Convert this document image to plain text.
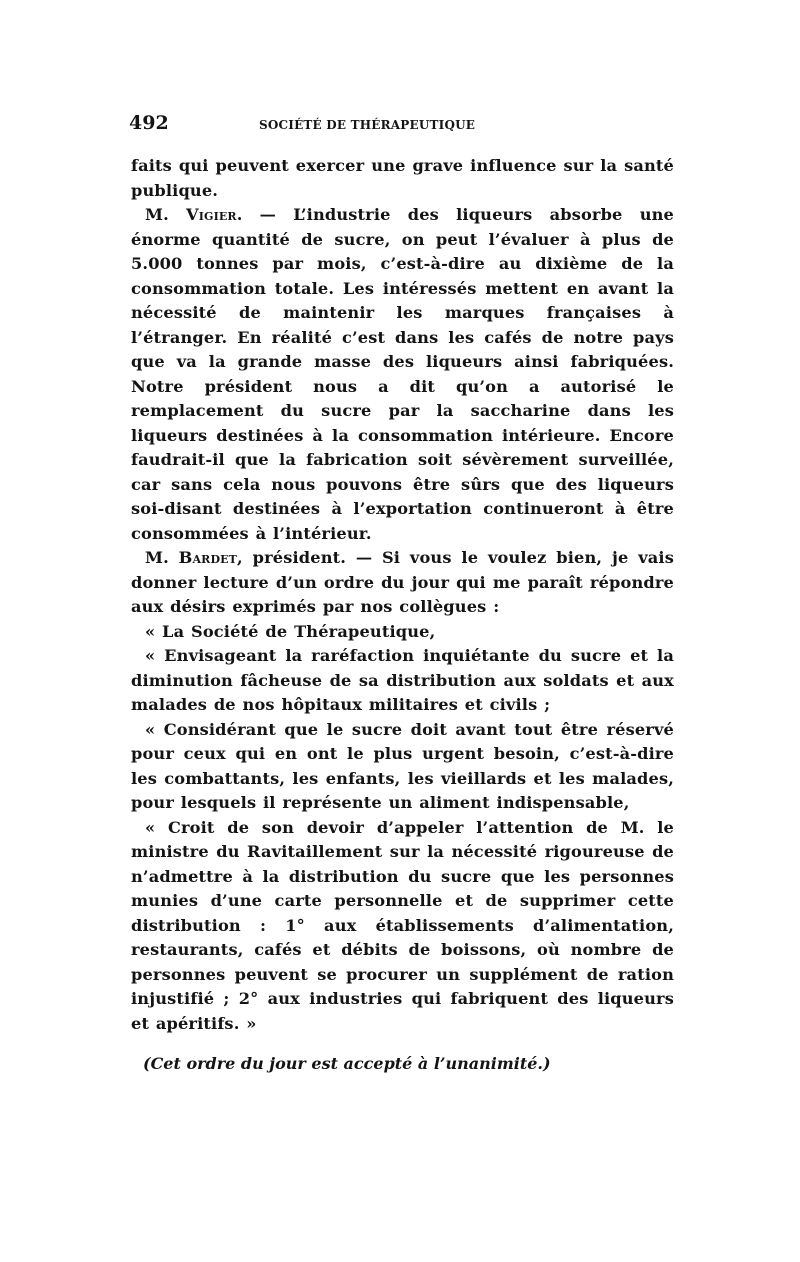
492	SOCIÉTÉ DE THÉRAPEUTIQUE

faits qui peuvent exercer une grave influence sur la santé publique.

M. Vigier. — L’industrie des liqueurs absorbe une énorme quantité de sucre, on peut l’évaluer à plus de 5.000 tonnes par mois, c’est-à-dire au dixième de la consommation totale. Les intéressés mettent en avant la nécessité de maintenir les marques françaises à l’étranger. En réalité c’est dans les cafés de notre pays que va la grande masse des liqueurs ainsi fabriquées. Notre président nous a dit qu’on a autorisé le remplacement du sucre par la saccharine dans les liqueurs destinées à la consommation intérieure. Encore faudrait-il que la fabrication soit sévèrement surveillée, car sans cela nous pouvons être sûrs que des liqueurs soi-disant destinées à l’exportation continueront à être consommées à l’intérieur.

M. Bardet, président. — Si vous le voulez bien, je vais donner lecture d’un ordre du jour qui me paraît répondre aux désirs exprimés par nos collègues :

« La Société de Thérapeutique,

« Envisageant la raréfaction inquiétante du sucre et la diminution fâcheuse de sa distribution aux soldats et aux malades de nos hôpitaux militaires et civils ;

« Considérant que le sucre doit avant tout être réservé pour ceux qui en ont le plus urgent besoin, c’est-à-dire les combattants, les enfants, les vieillards et les malades, pour lesquels il représente un aliment indispensable,

« Croit de son devoir d’appeler l’attention de M. le ministre du Ravitaillement sur la nécessité rigoureuse de n’admettre à la distribution du sucre que les personnes munies d’une carte personnelle et de supprimer cette distribution : 1° aux établissements d’alimentation, restaurants, cafés et débits de boissons, où nombre de personnes peuvent se procurer un supplément de ration injustifié ; 2° aux industries qui fabriquent des liqueurs et apéritifs. »

(Cet ordre du jour est accepté à l’unanimité.)
